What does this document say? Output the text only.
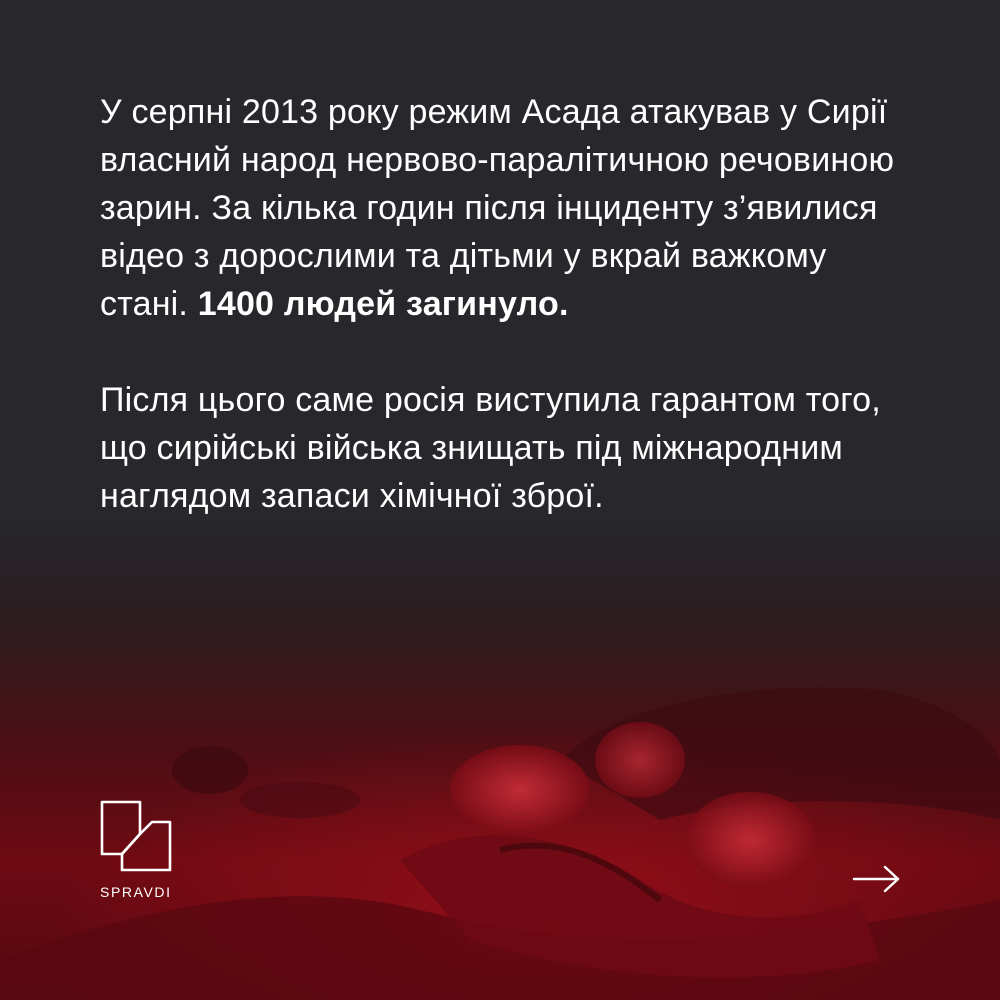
У серпні 2013 року режим Асада атакував у Сирії власний народ нервово-паралітичною речовиною зарин. За кілька годин після інциденту з’явилися відео з дорослими та дітьми у вкрай важкому стані. 1400 людей загинуло.

Після цього саме росія виступила гарантом того, що сирійські війська знищать під міжнародним наглядом запаси хімічної зброї.

SPRAVDI
